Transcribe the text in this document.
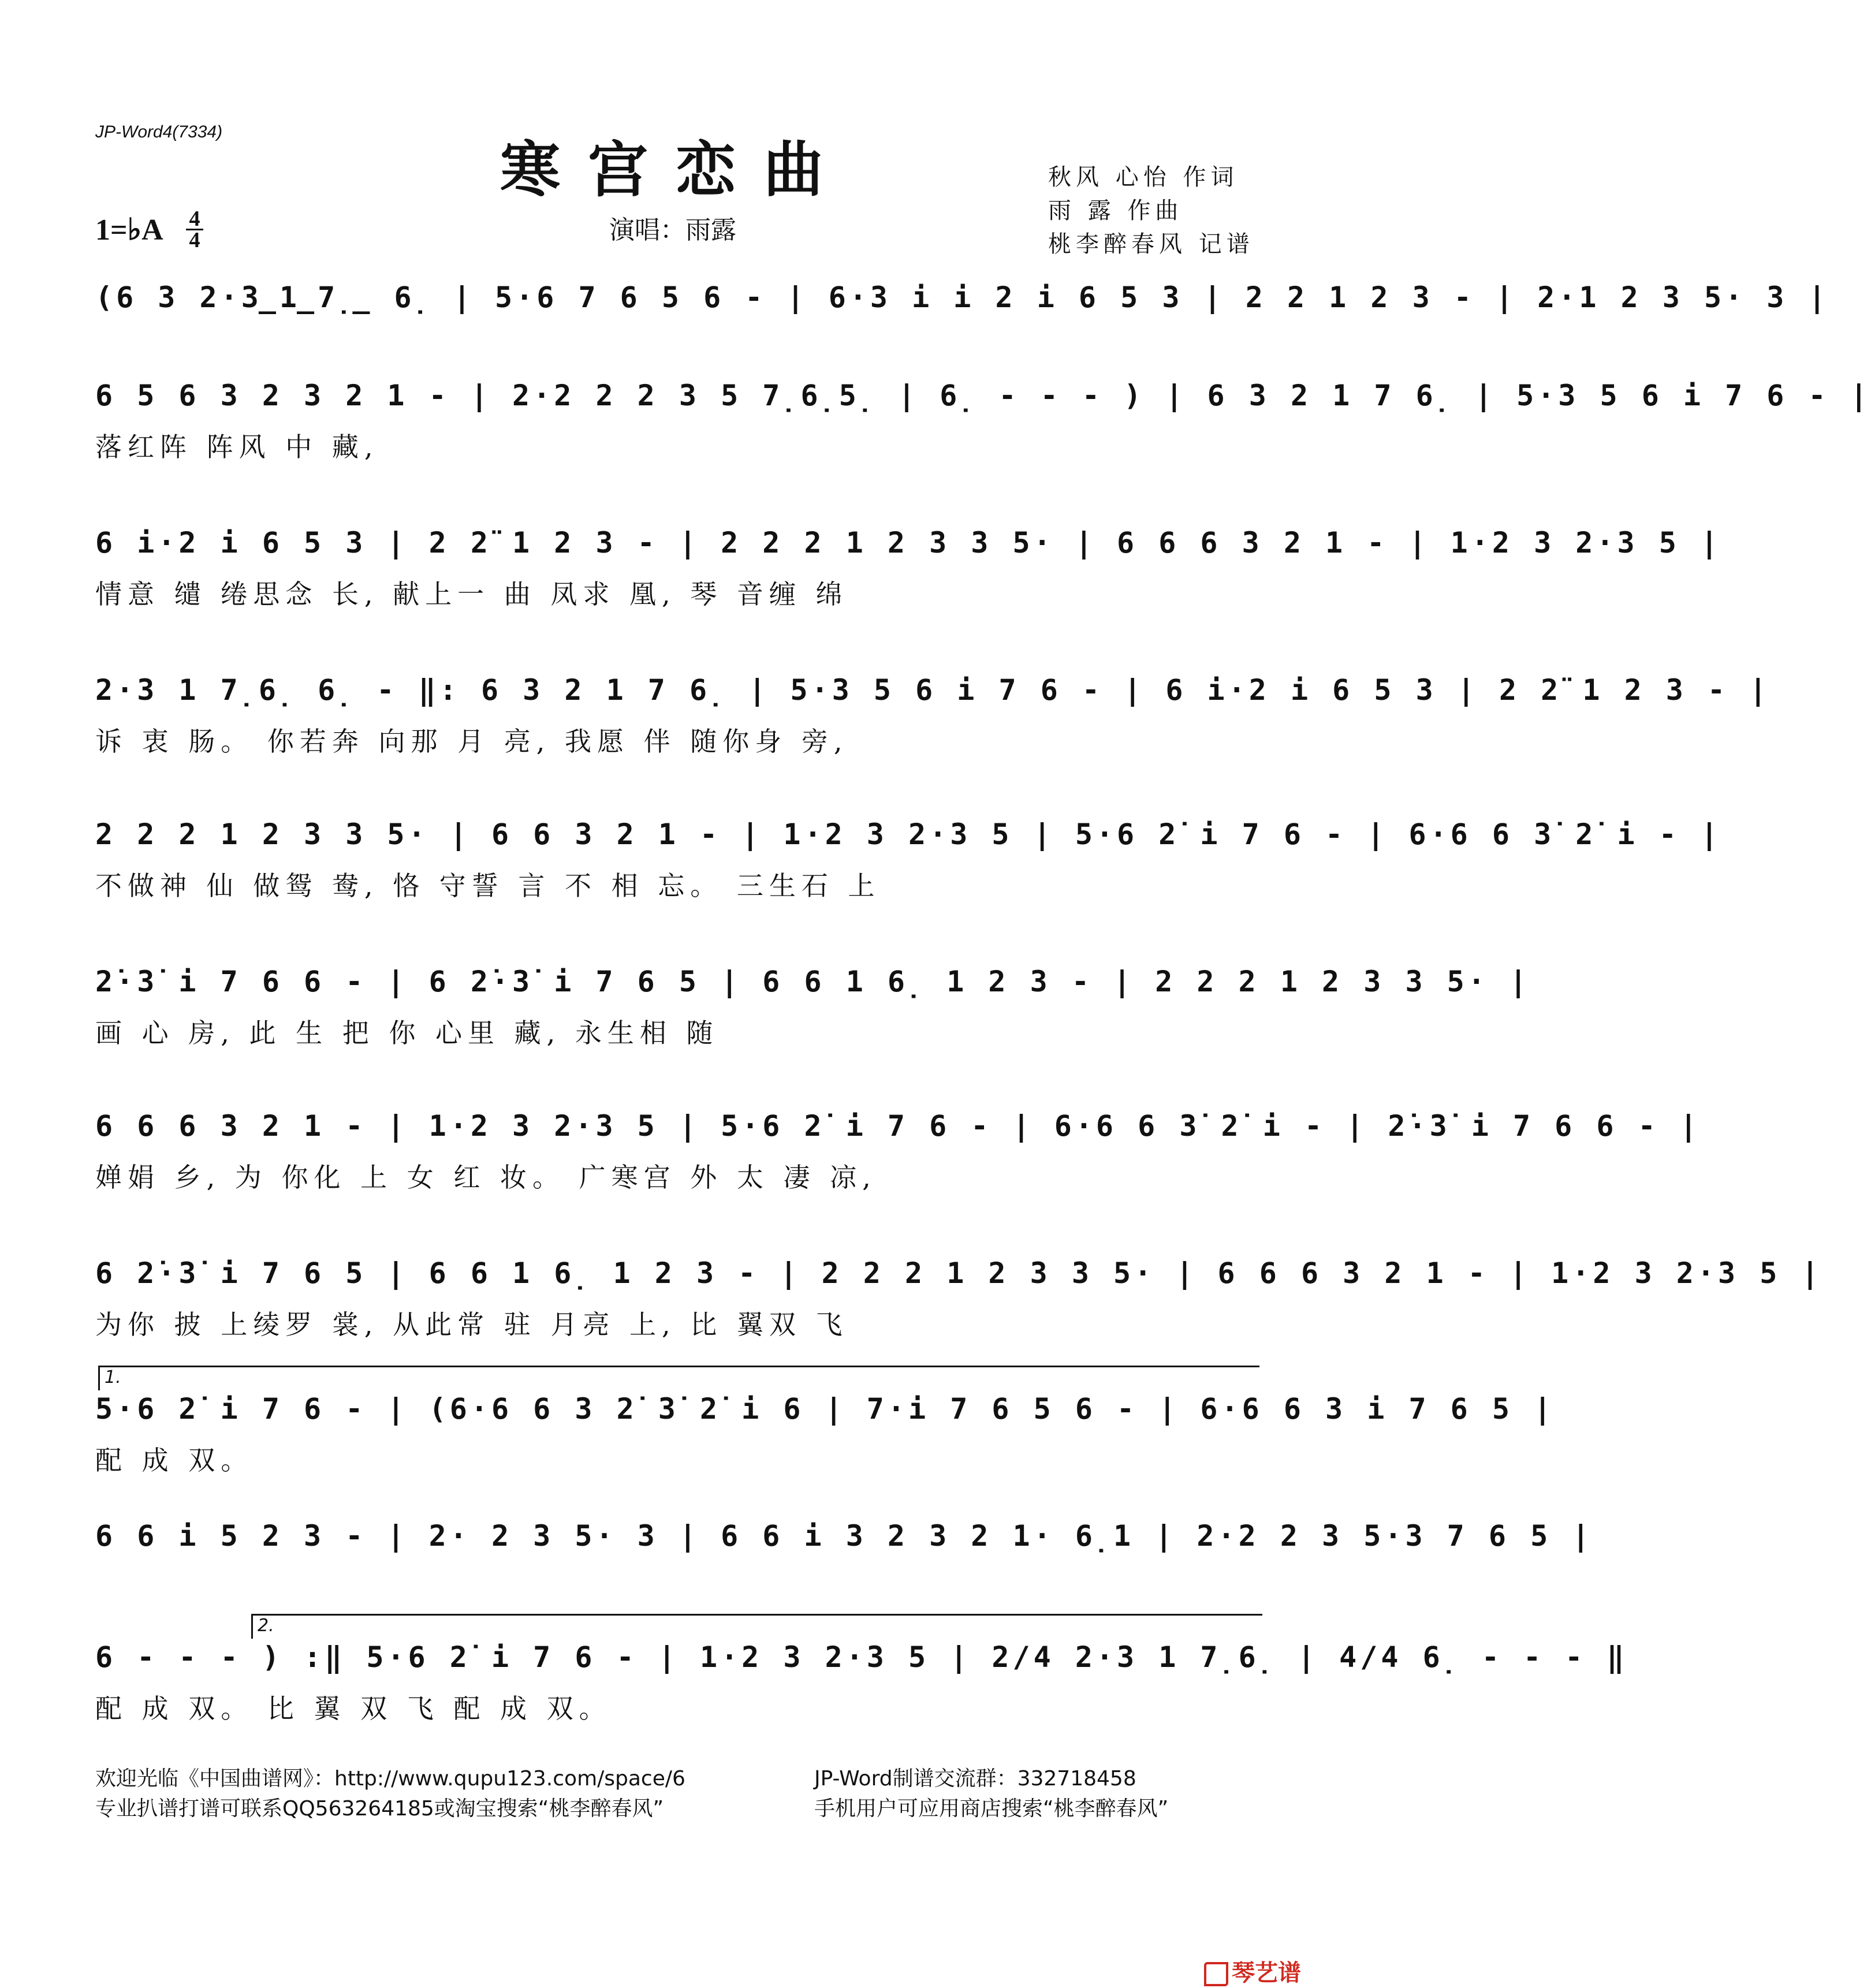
JP-Word4(7334)
寒宫恋曲	秋风 心怡 作词
雨 露 作曲
桃李醉春风 记谱
1=♭A 4
4	演唱：雨露
(6 3 2·3̲1̲7̣̲ 6̣ | 5·6 7 6 5 6 - | 6·3 i i 2 i 6 5 3 | 2 2 1 2 3 - | 2·1 2 3 5· 3 |
6 5 6 3 2 3 2 1 - | 2·2 2 2 3 5 7̣6̣5̣ | 6̣ - - - ) | 6 3 2 1 7 6̣ | 5·3 5 6 i 7 6 - |
落红阵 阵风 中 藏,
6 i·2 i 6 5 3 | 2 2̈ 1 2 3 - | 2 2 2 1 2 3 3 5· | 6 6 6 3 2 1 - | 1·2 3 2·3 5 |
情意 缱 绻思念 长, 献上一 曲 凤求 凰, 琴 音缠 绵
2·3 1 7̣6̣ 6̣ - ‖: 6 3 2 1 7 6̣ | 5·3 5 6 i 7 6 - | 6 i·2 i 6 5 3 | 2 2̈ 1 2 3 - |
诉 衷 肠。 你若奔 向那 月 亮, 我愿 伴 随你身 旁,
2 2 2 1 2 3 3 5· | 6 6 3 2 1 - | 1·2 3 2·3 5 | 5·6 2̇ i 7 6 - | 6·6 6 3̇ 2̇ i - |
不做神 仙 做鸳 鸯, 恪 守誓 言 不 相 忘。 三生石 上
2̇·3̇ i 7 6 6 - | 6 2̇·3̇ i 7 6 5 | 6 6 1 6̣ 1 2 3 - | 2 2 2 1 2 3 3 5· |
画 心 房, 此 生 把 你 心里 藏, 永生相 随
6 6 6 3 2 1 - | 1·2 3 2·3 5 | 5·6 2̇ i 7 6 - | 6·6 6 3̇ 2̇ i - | 2̇·3̇ i 7 6 6 - |
婵娟 乡, 为 你化 上 女 红 妆。 广寒宫 外 太 凄 凉,
6 2̇·3̇ i 7 6 5 | 6 6 1 6̣ 1 2 3 - | 2 2 2 1 2 3 3 5· | 6 6 6 3 2 1 - | 1·2 3 2·3 5 |
为你 披 上绫罗 裳, 从此常 驻 月亮 上, 比 翼双 飞
5·6 2̇ i 7 6 - | (6·6 6 3 2̇ 3̇ 2̇ i 6 | 7·i 7 6 5 6 - | 6·6 6 3 i 7 6 5 |
配 成 双。
6 6 i 5 2 3 - | 2· 2 3 5· 3 | 6 6 i 3 2 3 2 1· 6̣1 | 2·2 2 3 5·3 7 6 5 |
6 - - - ) :‖ 5·6 2̇ i 7 6 - | 1·2 3 2·3 5 | 2/4 2·3 1 7̣6̣ | 4/4 6̣ - - - ‖
配 成 双。 比 翼 双 飞 配 成 双。
欢迎光临《中国曲谱网》：http://www.qupu123.com/space/6
专业扒谱打谱可联系QQ563264185或淘宝搜索“桃李醉春风”
JP-Word制谱交流群：332718458
手机用户可应用商店搜索“桃李醉春风”
琴艺谱
1.
2.
